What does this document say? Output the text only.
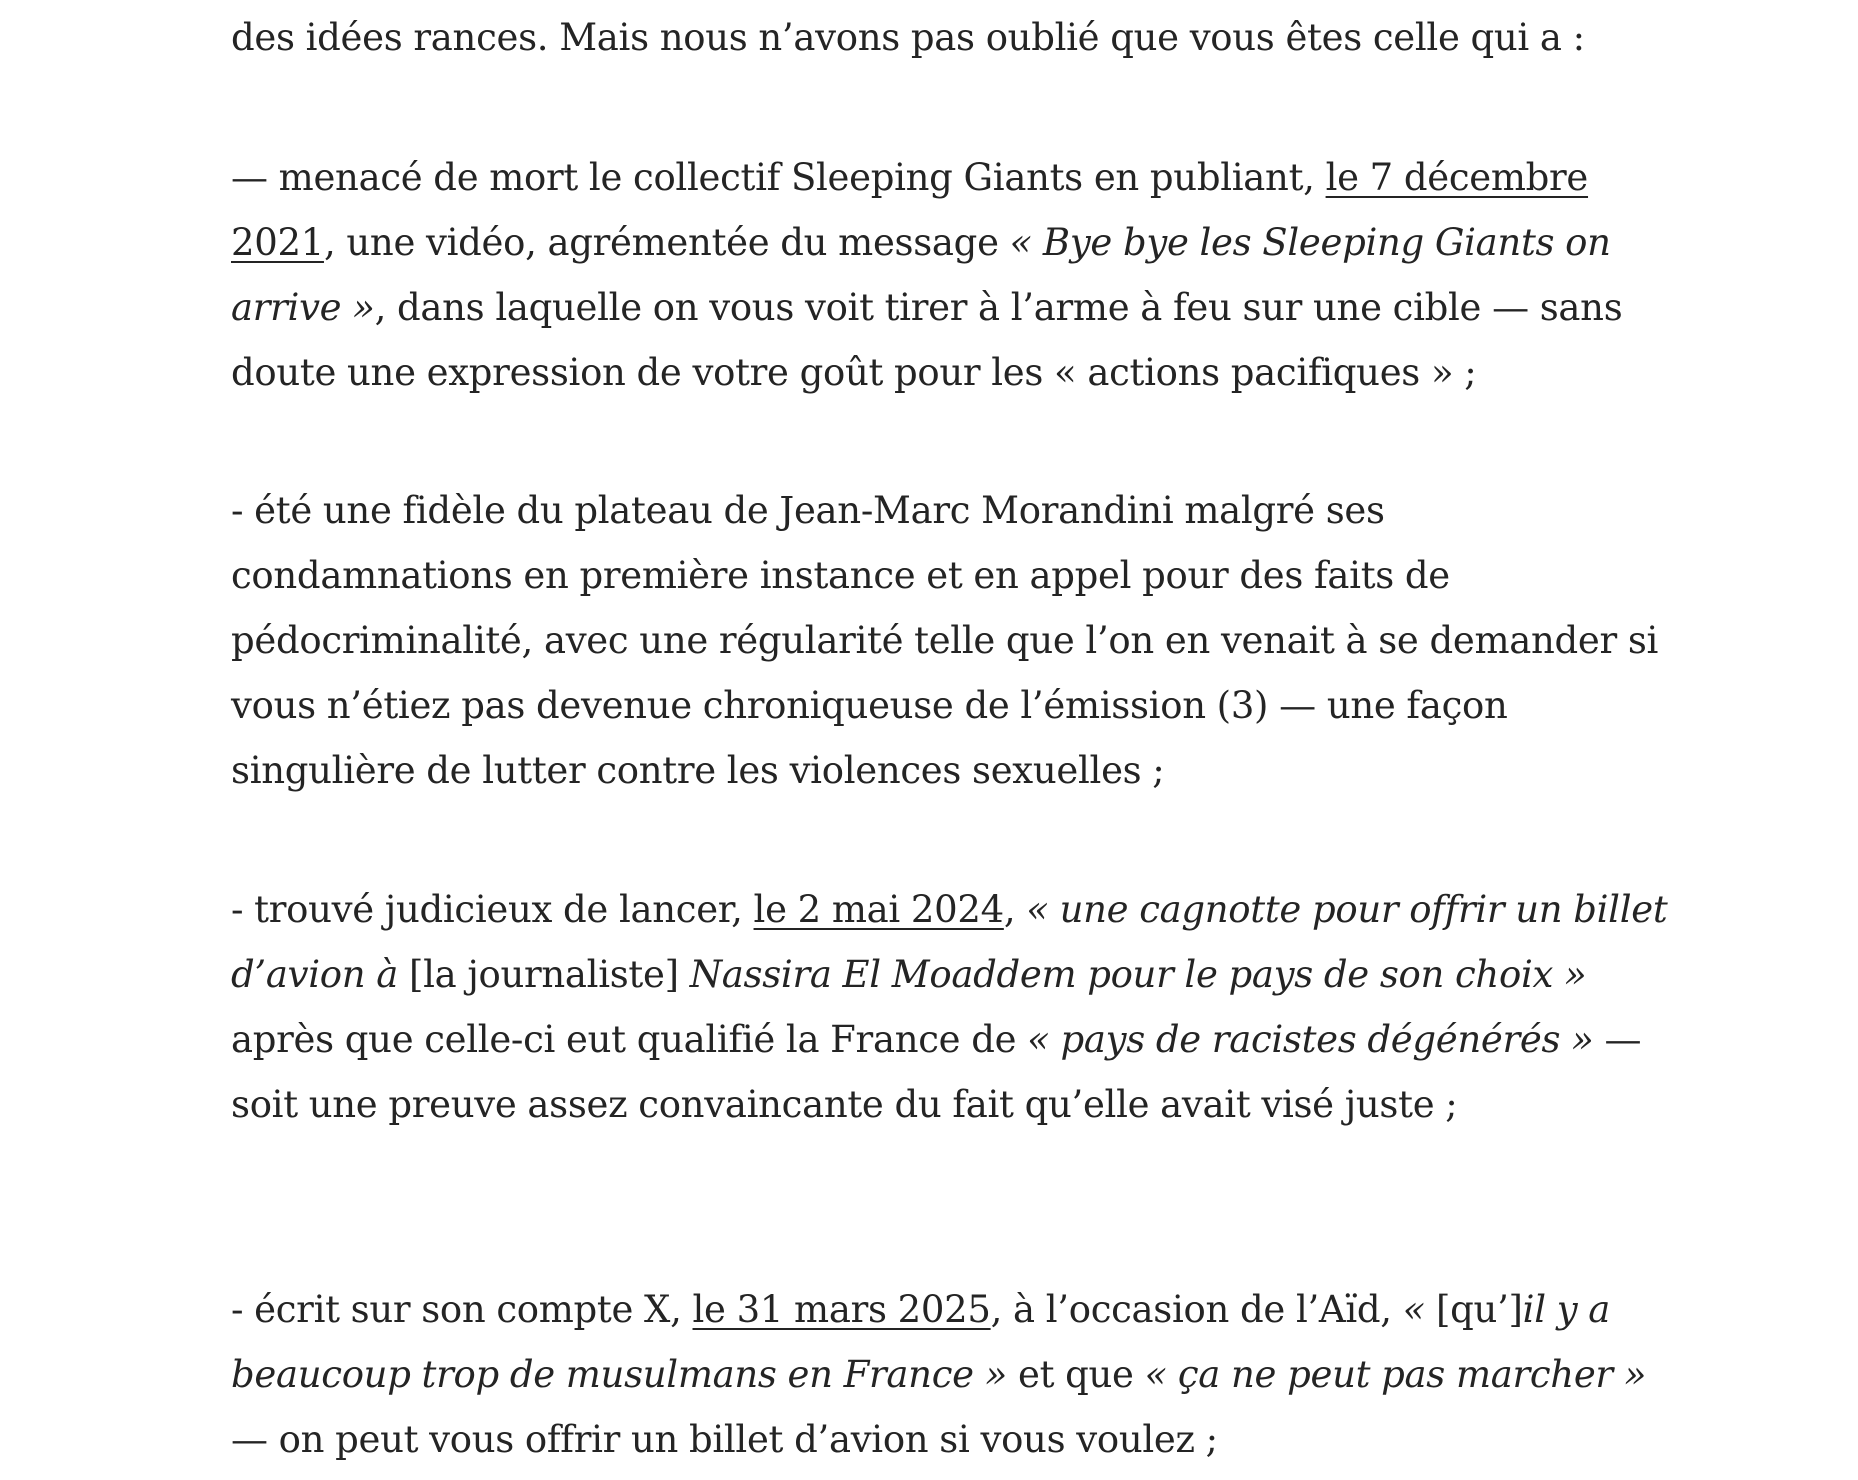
des idées rances. Mais nous n’avons pas oublié que vous êtes celle qui a :

— menacé de mort le collectif Sleeping Giants en publiant, le 7 décembre 2021, une vidéo, agrémentée du message « Bye bye les Sleeping Giants on arrive », dans laquelle on vous voit tirer à l’arme à feu sur une cible — sans doute une expression de votre goût pour les « actions pacifiques » ;

- été une fidèle du plateau de Jean-Marc Morandini malgré ses condamnations en première instance et en appel pour des faits de pédocriminalité, avec une régularité telle que l’on en venait à se demander si vous n’étiez pas devenue chroniqueuse de l’émission (3) — une façon singulière de lutter contre les violences sexuelles ;

- trouvé judicieux de lancer, le 2 mai 2024, « une cagnotte pour offrir un billet d’avion à [la journaliste] Nassira El Moaddem pour le pays de son choix » après que celle-ci eut qualifié la France de « pays de racistes dégénérés » — soit une preuve assez convaincante du fait qu’elle avait visé juste ;

- écrit sur son compte X, le 31 mars 2025, à l’occasion de l’Aïd, « [qu’]il y a beaucoup trop de musulmans en France » et que « ça ne peut pas marcher » — on peut vous offrir un billet d’avion si vous voulez ;
